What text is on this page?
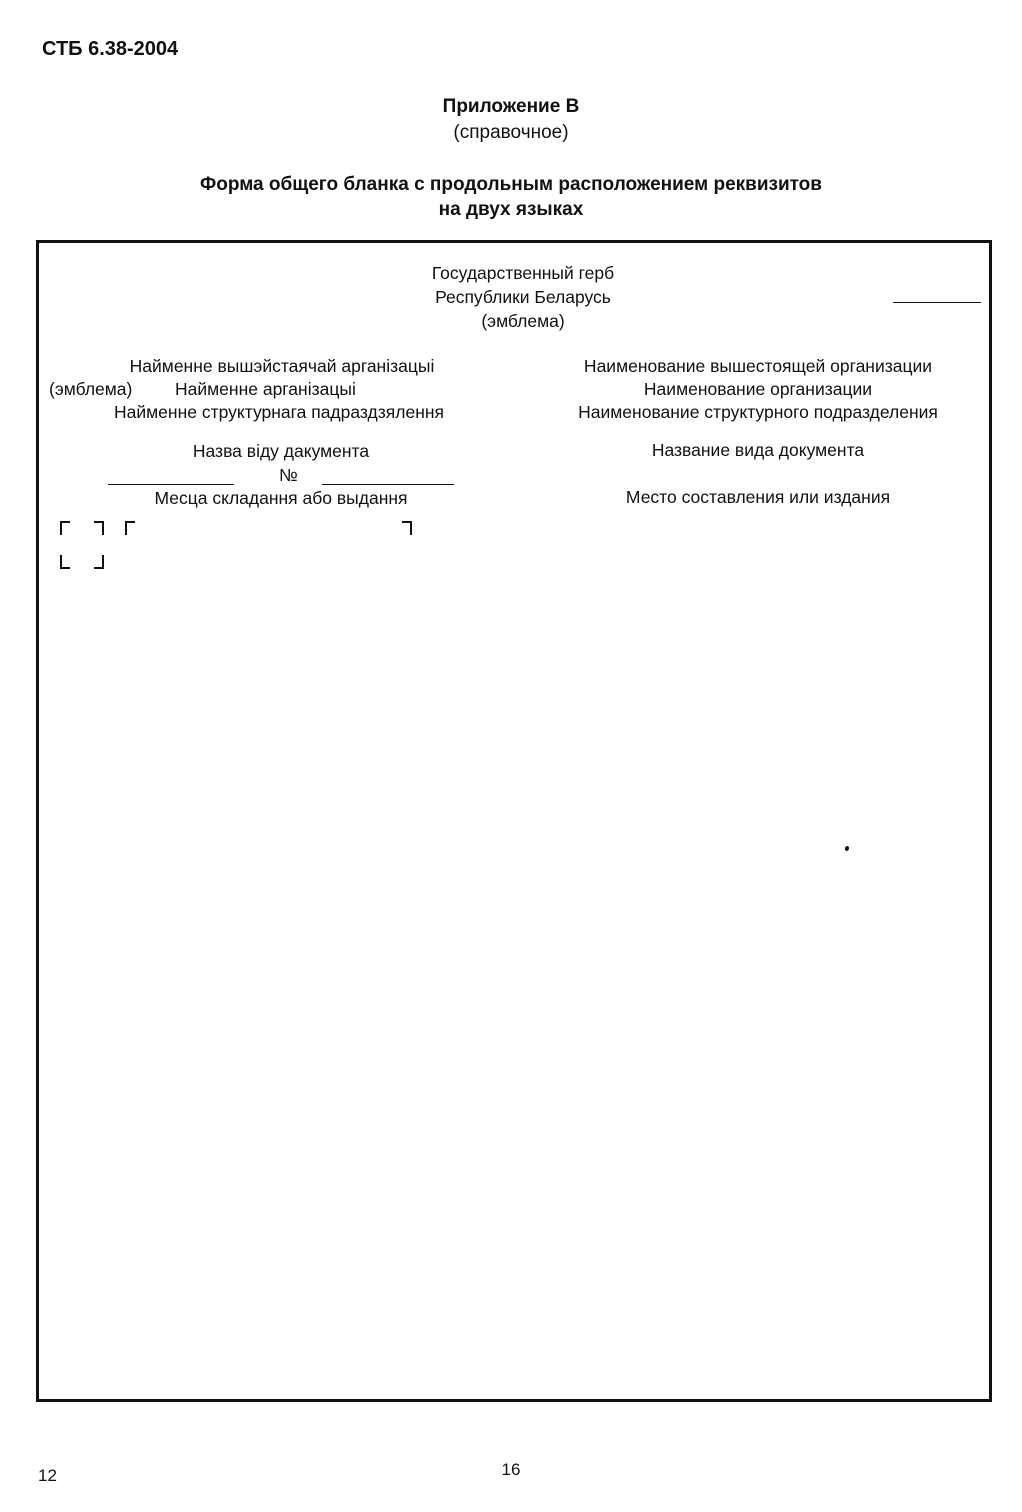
СТБ 6.38-2004
Приложение В
(справочное)
Форма общего бланка с продольным расположением реквизитов
на двух языках
Государственный герб
Республики Беларусь
(эмблема)
Найменне вышэйстаячай арганізацыі
(эмблема) Найменне арганізацыі
Найменне структурнага падраздзялення
Назва віду дакумента
№
Месца складання або выдання
Наименование вышестоящей организации
Наименование организации
Наименование структурного подразделения
Название вида документа
Место составления или издания
12	16
